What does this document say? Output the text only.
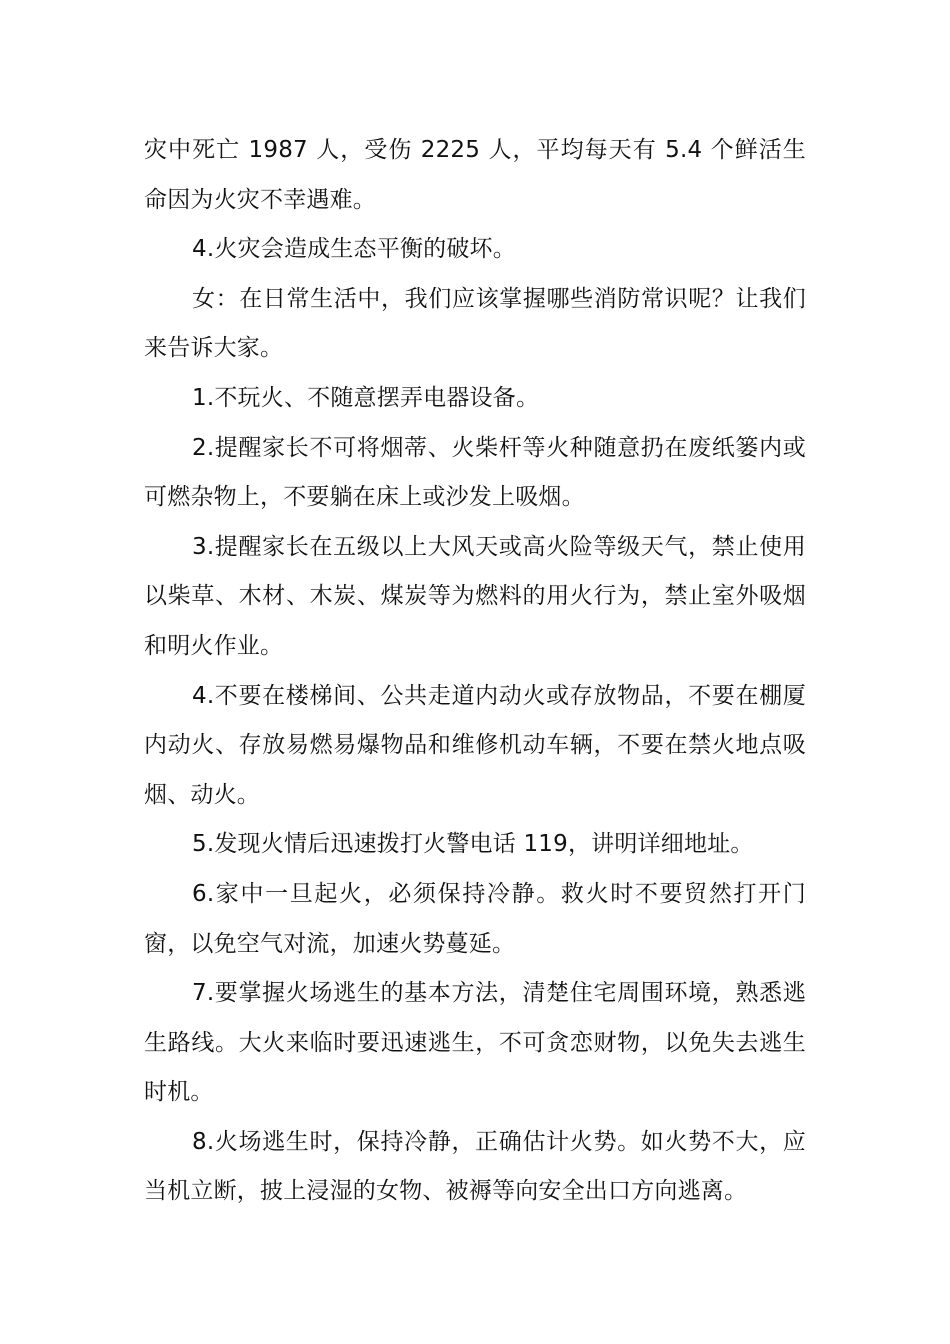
灾中死亡 1987 人，受伤 2225 人，平均每天有 5.4 个鲜活生命因为火灾不幸遇难。

4.火灾会造成生态平衡的破坏。

女：在日常生活中，我们应该掌握哪些消防常识呢？让我们来告诉大家。

1.不玩火、不随意摆弄电器设备。

2.提醒家长不可将烟蒂、火柴杆等火种随意扔在废纸篓内或可燃杂物上，不要躺在床上或沙发上吸烟。

3.提醒家长在五级以上大风天或高火险等级天气，禁止使用以柴草、木材、木炭、煤炭等为燃料的用火行为，禁止室外吸烟和明火作业。

4.不要在楼梯间、公共走道内动火或存放物品，不要在棚厦内动火、存放易燃易爆物品和维修机动车辆，不要在禁火地点吸烟、动火。

5.发现火情后迅速拨打火警电话 119，讲明详细地址。

6.家中一旦起火，必须保持冷静。救火时不要贸然打开门窗，以免空气对流，加速火势蔓延。

7.要掌握火场逃生的基本方法，清楚住宅周围环境，熟悉逃生路线。大火来临时要迅速逃生，不可贪恋财物，以免失去逃生时机。

8.火场逃生时，保持冷静，正确估计火势。如火势不大，应当机立断，披上浸湿的女物、被褥等向安全出口方向逃离。
